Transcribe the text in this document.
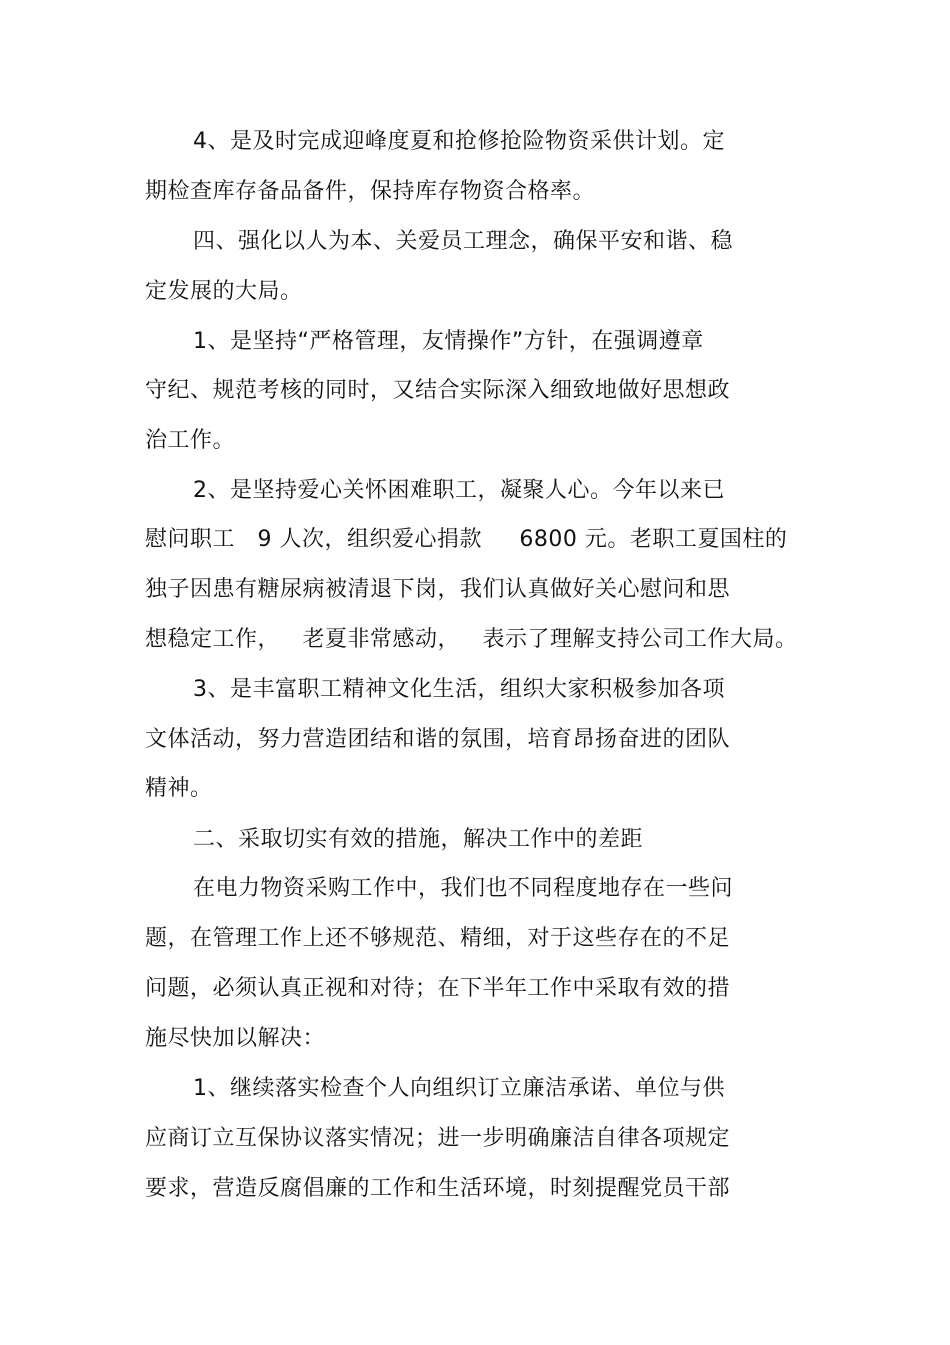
4、是及时完成迎峰度夏和抢修抢险物资采供计划。定
期检查库存备品备件，保持库存物资合格率。
四、强化以人为本、关爱员工理念，确保平安和谐、稳
定发展的大局。
1、是坚持“严格管理，友情操作”方针，在强调遵章
守纪、规范考核的同时，又结合实际深入细致地做好思想政
治工作。
2、是坚持爱心关怀困难职工，凝聚人心。今年以来已
慰问职工   9 人次，组织爱心捐款     6800 元。老职工夏国柱的
独子因患有糖尿病被清退下岗，我们认真做好关心慰问和思
想稳定工作，   老夏非常感动，   表示了理解支持公司工作大局。
3、是丰富职工精神文化生活，组织大家积极参加各项
文体活动，努力营造团结和谐的氛围，培育昂扬奋进的团队
精神。
二、采取切实有效的措施，解决工作中的差距
在电力物资采购工作中，我们也不同程度地存在一些问
题，在管理工作上还不够规范、精细，对于这些存在的不足
问题，必须认真正视和对待；在下半年工作中采取有效的措
施尽快加以解决：
1、继续落实检查个人向组织订立廉洁承诺、单位与供
应商订立互保协议落实情况；进一步明确廉洁自律各项规定
要求，营造反腐倡廉的工作和生活环境，时刻提醒党员干部
